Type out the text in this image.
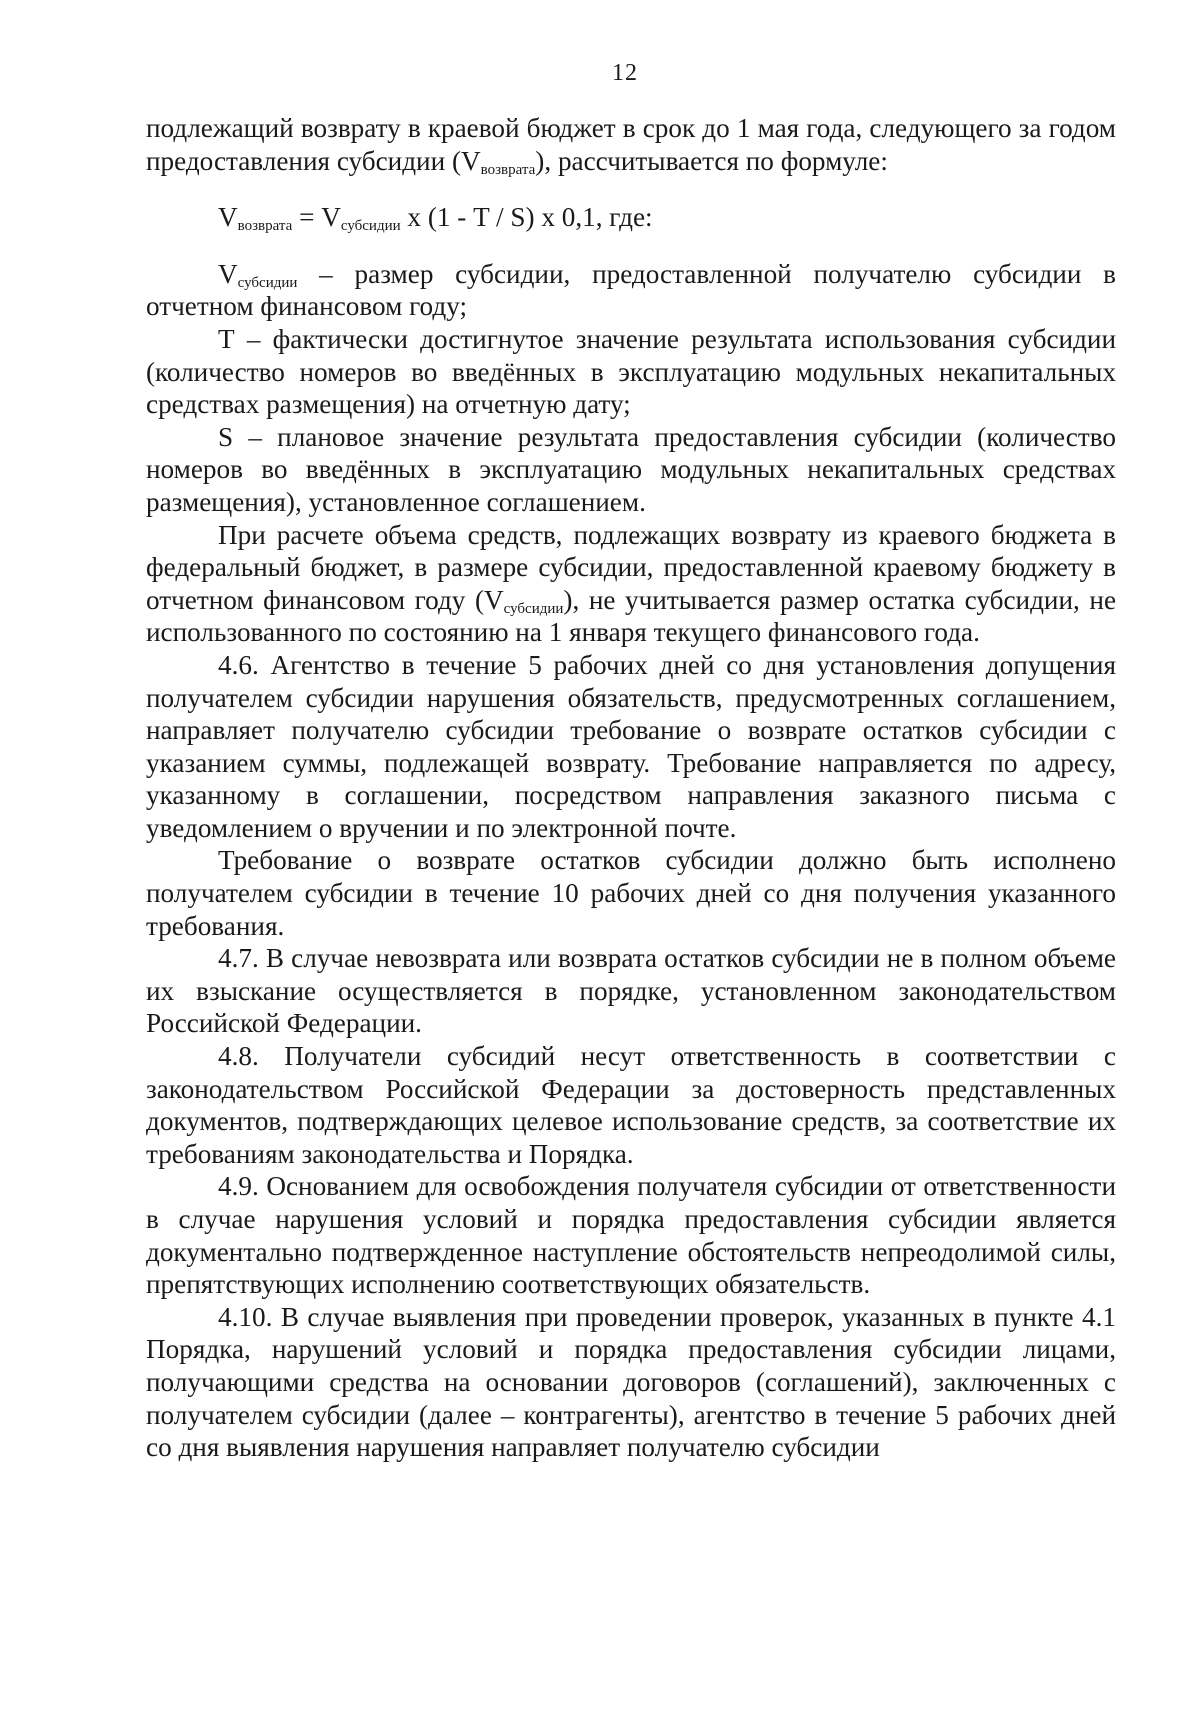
12

подлежащий возврату в краевой бюджет в срок до 1 мая года, следующего за годом предоставления субсидии $(V_{возврата})$, рассчитывается по формуле:

$V_{возврата} = V_{субсидии}$ х (1 - T / S) х 0,1, где:

$V_{субсидии}$ – размер субсидии, предоставленной получателю субсидии в отчетном финансовом году;

Т – фактически достигнутое значение результата использования субсидии (количество номеров во введённых в эксплуатацию модульных некапитальных средствах размещения) на отчетную дату;

S – плановое значение результата предоставления субсидии (количество номеров во введённых в эксплуатацию модульных некапитальных средствах размещения), установленное соглашением.

При расчете объема средств, подлежащих возврату из краевого бюджета в федеральный бюджет, в размере субсидии, предоставленной краевому бюджету в отчетном финансовом году $(V_{субсидии})$, не учитывается размер остатка субсидии, не использованного по состоянию на 1 января текущего финансового года.

4.6. Агентство в течение 5 рабочих дней со дня установления допущения получателем субсидии нарушения обязательств, предусмотренных соглашением, направляет получателю субсидии требование о возврате остатков субсидии с указанием суммы, подлежащей возврату. Требование направляется по адресу, указанному в соглашении, посредством направления заказного письма с уведомлением о вручении и по электронной почте.

Требование о возврате остатков субсидии должно быть исполнено получателем субсидии в течение 10 рабочих дней со дня получения указанного требования.

4.7. В случае невозврата или возврата остатков субсидии не в полном объеме их взыскание осуществляется в порядке, установленном законодательством Российской Федерации.

4.8. Получатели субсидий несут ответственность в соответствии с законодательством Российской Федерации за достоверность представленных документов, подтверждающих целевое использование средств, за соответствие их требованиям законодательства и Порядка.

4.9. Основанием для освобождения получателя субсидии от ответственности в случае нарушения условий и порядка предоставления субсидии является документально подтвержденное наступление обстоятельств непреодолимой силы, препятствующих исполнению соответствующих обязательств.

4.10. В случае выявления при проведении проверок, указанных в пункте 4.1 Порядка, нарушений условий и порядка предоставления субсидии лицами, получающими средства на основании договоров (соглашений), заключенных с получателем субсидии (далее – контрагенты), агентство в течение 5 рабочих дней со дня выявления нарушения направляет получателю субсидии
